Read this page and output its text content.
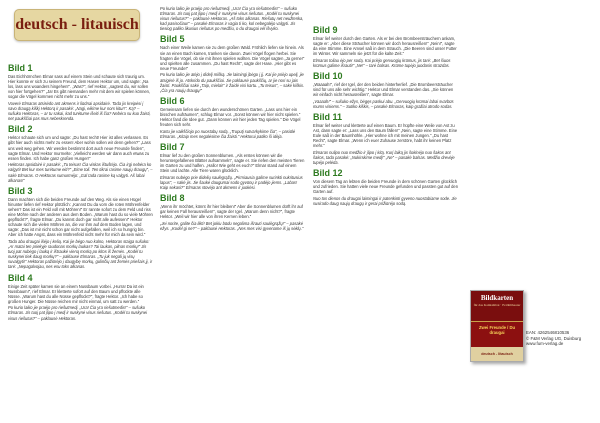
deutsch - litauisch
Bild 1
Das Eichhörnchen Elmar sass auf einem Stein und schaute sich traurig um. Hier konnte er sich zu seinem Freund, dem Hasen Hektor um, und sagte: „Na los, lass uns woanders hingehen!". „Was?", rief Hektor, „sagtest du, wir sollen von hier fortgehen?" „Ja! Es gibt niemanden mehr mit dem wir spielen können, sogar die Vögel kommen nicht mehr zu uns."
Voverė Elmaras atsisėdo ant akmens ir liūdnai apsidairė. Tada jis kreipėsi į savo draugą kiškį Hektorą ir pasakė: „Nagi, eikime kur nors kitur!". Ką? – sušuko Hektoras, – ar tu sakai, kad turėtume išeiti iš čia? Nebėra su kuo žaisti, net paukščiai pas mus nebeskrenda.
Bild 2
Hektor schaute sich um und sagte: „Du hast recht! Hier ist alles verlassen. Es gibt hier auch nichts mehr zu essen! Aber wohin sollen wir denn gehen?" „Lass uns weit weg gehen. Wir werden bestimmt dort auch neue Freunde finden", sagte Elmar. Und Hektor murmelte: „Vielleicht werden wir dann auch etwas zu essen finden. Ich habe ganz großen Hunger!"
Hektoras apsidairė ir pasakė: „Tu teisus! Čia viskas ištuštėjo. Čia irgi nebėra ko valgyti! Bet kur mes turėtume eiti?" „Eime toli. Ten tikrai rasime naujų draugų", – sakė Elmaras. O Hektoras sumurmėjo: „Gal tada rasime ką valgyti. Aš labai alkanas!"
Bild 3
Dann machten sich die beiden Freunde auf den Weg. Als sie einen Hügel hinunter liefen rief Hektor plötzlich: „Kannst Du da vorn die roten Möhrenfelder sehen? Das ist ein Feld voll mit Möhren!" Er rannte sofort zu dem Feld und riss eine Möhre nach der anderen aus dem Boden. „Warum hast du so viele Möhren gepflückt?", fragte Elmar. „Du kannst doch gar nicht alle aufessen!" Hektor schaute sich die vielen Möhren an, die vor ihm auf dem Boden lagen, und sagte: „Das ist mir nicht schon gar nicht aufgefallen, weil ich so hungrig bin. Aber ich hatte Angst, dass ein Möhrenfeld nicht mehr für mich da sein wird."
Tada abu draugai išėjo į kelią. Kai jie bėgo nuo kalno, Hektoras staiga sušuko: „Ar matai ten priekyje raudonas morkų laukas? Tai laukas, pilnas morkų!" Jis tuoj pat nubėgo į lauką ir ištraukė vieną morką po kitos iš žemės. „Kodėl tu nuskynei tiek daug morkų?" – paklausė Elmaras. „Tu juk negali jų visų suvalgyti!" Hektoras pažiūrėjo į daugybę morkų, gulinčių ant žemės priešais jį, ir tarė: „Nepagalvojau, nes esu toks alkanas.
Bild 4
Einige Zeit später kamen sie an einem Nussbaum vorbei. „Hurra! Da ist ein Nussbaum!", rief Elmar. Er kletterte sofort auf den Baum und pflückte alle Nüsse. „Warum hast du alle Nüsse gepflückt?", fragte Hektor. „Ich habe so großen Hunger. Die Nüsse reichen mir nicht einmal, um satt zu werden."
Po kurio laiko jie praėjo pro riešutmedį. „Ura! Čia yra riešutmedis!" – sušuko Elmaras. Jis tuoj pat įlipo į medį ir nuskynė visus riešutus. „Kodėl tu nuskynei visus riešutus?" – paklausė Hektoras.
Po kurio laiko jie praėjo pro riešutmedį. „Ura! Čia yra riešutmedis!" – sušuko Elmaras. Jis tuoj pat įlipo į medį ir nuskynė visus riešutus. „Kodėl tu nuskynei visus riešutus?" – paklausė Hektoras. „Aš toks alkanas. Riešutų net neužtenka, kad pasisočiau!" – pasakė Elmaras ir vagia ti ko, kol nebegalėjo valgyti. Jis tiesiog paliko likusius riešutus po medžiu, o du draugai vėl išvyko.
Bild 5
Nach einer Weile kamen sie zu dem großen Wald. Fröhlich liefen sie hinein. Als sie an einen Bach kamen, tranken sie davon. Zwei Vögel flogen herbei. Sie fragten die Vögel, ob sie mit ihnen spielen wollten. Die Vögel sagten „Ja gerne!" und spielten alle zusammen. „Du hast Recht", sagte der Hase. „Hier gibt es neue Freunde!"
Po kurio laiko jie atėjo į didelį mišką. Jie laimingi įbėgo į jį. Kai jie priėjo upelį, jie atsigėrė iš jo. Atskrido du paukščiai. Jie paklausė paukščių, ar jie nori su jais žaisti. Paukščiai sakė „Taip, mielai!" ir žaidė visi kartu. „Tu teisus", – sakė kiškis. „Čia yra naujų draugų!"
Bild 6
Gemeinsam liefen sie durch den wunderschönen Garten. „Lass uns hier ein bisschen aufräumen", schlug Elmar vor. „Sonst können wir hier nicht spielen." Hektor fand die Idee gut. „Dann können wir hier jeden Tag spielen." Die Vögel freuten sich sehr.
Kartu jie vaikščiojo po nuostabų sodą. „Truputį sutvarkykime čia", – pasiūlė Elmaras. „Kitaip mes negalėsime čia žaisti." Hektorui patiko ši idėja.
Bild 7
Elmar lief zu den großen Sonnenblumen. „Als erstes können wir die heruntergefallenen Blätter aufsammeln", sagte er. Sie riefen den meisten Tieren im Garten zu und halfen. „Hallo! Wie geht es euch?" Elmar stand auf einem Stein und lachte. Alle Tiere waren glücklich.
Elmaras nubėgo prie didelių saulėgrąžų. „Pirmiausia galime surinkti nukritusius lapus", – sakė jis. Jie šaukė daugumai sodo gyvūnų ir padėjo jiems. „Labas! Kaip sekasi?" Elmaras stovėjo ant akmens ir juokėsi.
Bild 8
„Wenn ihr möchtet, könnt ihr hier bleiben!" Aber die Sonnenblumen dürft ihr auf gar keinen Fall herausreißen!", sagte der Igel. „Warum denn nicht?", fragte Hektor. „Weil wir hier alle von ihren Kernen leben."
„Jei norite, galite čia likti! Bet jokiu būdu negalima išrauti saulėgrąžų!" – pasakė ežys. „Kodėl gi ne?" – paklausė Hektoras. „Nes mes visi gyvename iš jų sėklų."
Bild 9
Elmar lief weiter durch den Garten. Als er bei den Brombeersträuchern ankam, sagte er: „Aber diese Sträucher können wir doch herausreißen!" „Nein!", sagte da eine Stimme. Eine Amsel saß in dem Strauch. „Die Beeren sind unser Futter im Winter. Wir sammeln sie jetzt für die kalte Zeit."
Elmaras toliau ėjo per sodą. Kai priėjo gervuogių krūmus, jis tarė: „Bet šiuos krūmus galime išrauti!" „Ne!" – tarė balsas. Krūme tupėjo juodasis strazdas.
Bild 10
„Waaaah!", rief der Igel, der den beiden hinterherlief. „Die Brombeersträucher sind für uns alle sehr wichtig." Hektor und Elmar verstanden das. „Sie können wir einfach nicht herausreißen", sagte Elmar.
„Vaaaah!" – sušuko ežys, bėgęs paskui abu. „Gervuogių krūmai labai svarbūs mums visiems." – Sutiko kiškis, – pasakė Elmaras, kaip gražiai atrodo sodas.
Bild 11
Elmar lief weiter und kletterte auf einen Baum. Er hüpfte eine Weile von Ast zu Ast, dann sagte er: „Lass uns den Baum fällen!" „Nein, sagte eine Stimme. Eine Eule saß in der Baumhöhle. „Hier wohne ich mit meinen Jungen." „Du hast Recht", sagte Elmar. „Wenn ich euer Zuhause zerstöre, habt ihr keinen Platz mehr."
Elmaras nulipo nuo medžio ir įlipo į kitą. Kurį laiką jis šokinėjo nuo šakos ant šakos, tada pasakė: „Nukirskime medį!" „Ne" – pasakė balsas. Medžio drevėje tupėjo pelėda.
Bild 12
Von diesem Tag an lebten die beiden Freunde in dem schönen Garten glücklich und zufrieden. Sie hatten viele neue Freunde gefunden und passten gut auf den Garten auf.
Nuo tos dienos du draugai laimingai ir patenkinti gyveno nuostabiame sode. Jie susirado daug naujų draugų ir gerai prižiūrėjo sodą.
Bildkarten
für das Kamishibai · Erzähltheater
Zwei Freunde / Du draugai
deutsch - litauisch
EAN: 4262546810536
© F&M Verlag UG, Duisburg
www.fum-verlag.de
